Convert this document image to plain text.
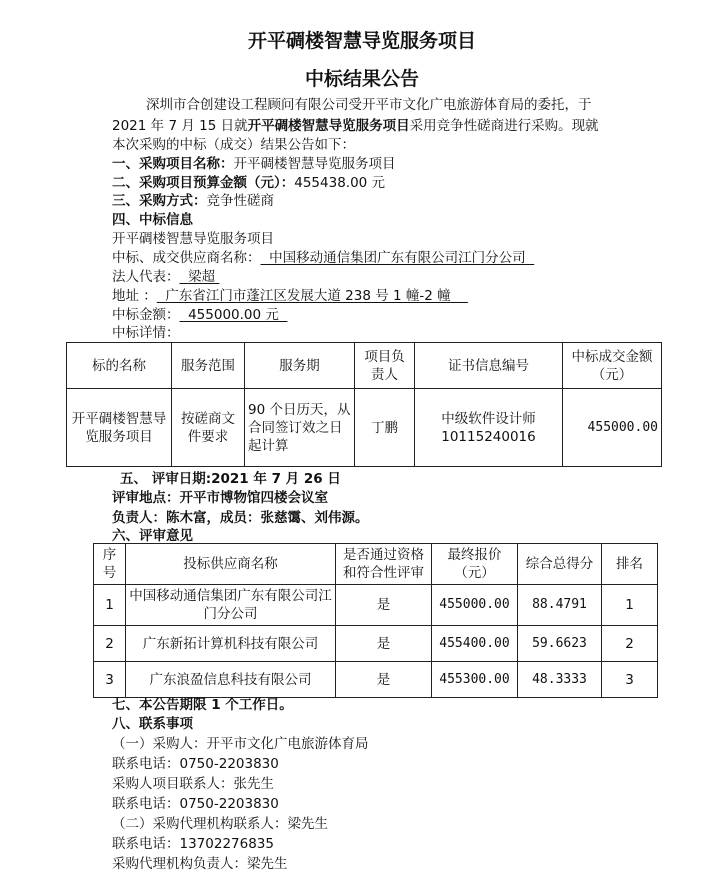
开平碉楼智慧导览服务项目
中标结果公告
深圳市合创建设工程顾问有限公司受开平市文化广电旅游体育局的委托，于
2021 年 7 月 15 日就开平碉楼智慧导览服务项目采用竞争性磋商进行采购。现就
本次采购的中标（成交）结果公告如下：
一、采购项目名称：开平碉楼智慧导览服务项目
二、采购项目预算金额（元）：455438.00 元
三、采购方式：竞争性磋商
四、中标信息
开平碉楼智慧导览服务项目
中标、成交供应商名称： 中国移动通信集团广东有限公司江门分公司
法人代表： 梁超
地址 ： 广东省江门市蓬江区发展大道 238 号 1 幢-2 幢
中标金额： 455000.00 元
中标详情：
标的名称	服务范围	服务期	项目负责人	证书信息编号	中标成交金额（元）
开平碉楼智慧导览服务项目	按磋商文件要求	90 个日历天，从合同签订效之日起计算	丁鹏	中级软件设计师 10115240016	455000.00
五、 评审日期:2021 年 7 月 26 日
评审地点：开平市博物馆四楼会议室
负责人：陈木富，成员：张慈霭、刘伟源。
六、评审意见
序号	投标供应商名称	是否通过资格和符合性评审	最终报价（元）	综合总得分	排名
1	中国移动通信集团广东有限公司江门分公司	是	455000.00	88.4791	1
2	广东新拓计算机科技有限公司	是	455400.00	59.6623	2
3	广东浪盈信息科技有限公司	是	455300.00	48.3333	3
七、本公告期限 1 个工作日。
八、联系事项
（一）采购人：开平市文化广电旅游体育局
联系电话：0750-2203830
采购人项目联系人：张先生
联系电话：0750-2203830
（二）采购代理机构联系人：梁先生
联系电话：13702276835
采购代理机构负责人：梁先生
